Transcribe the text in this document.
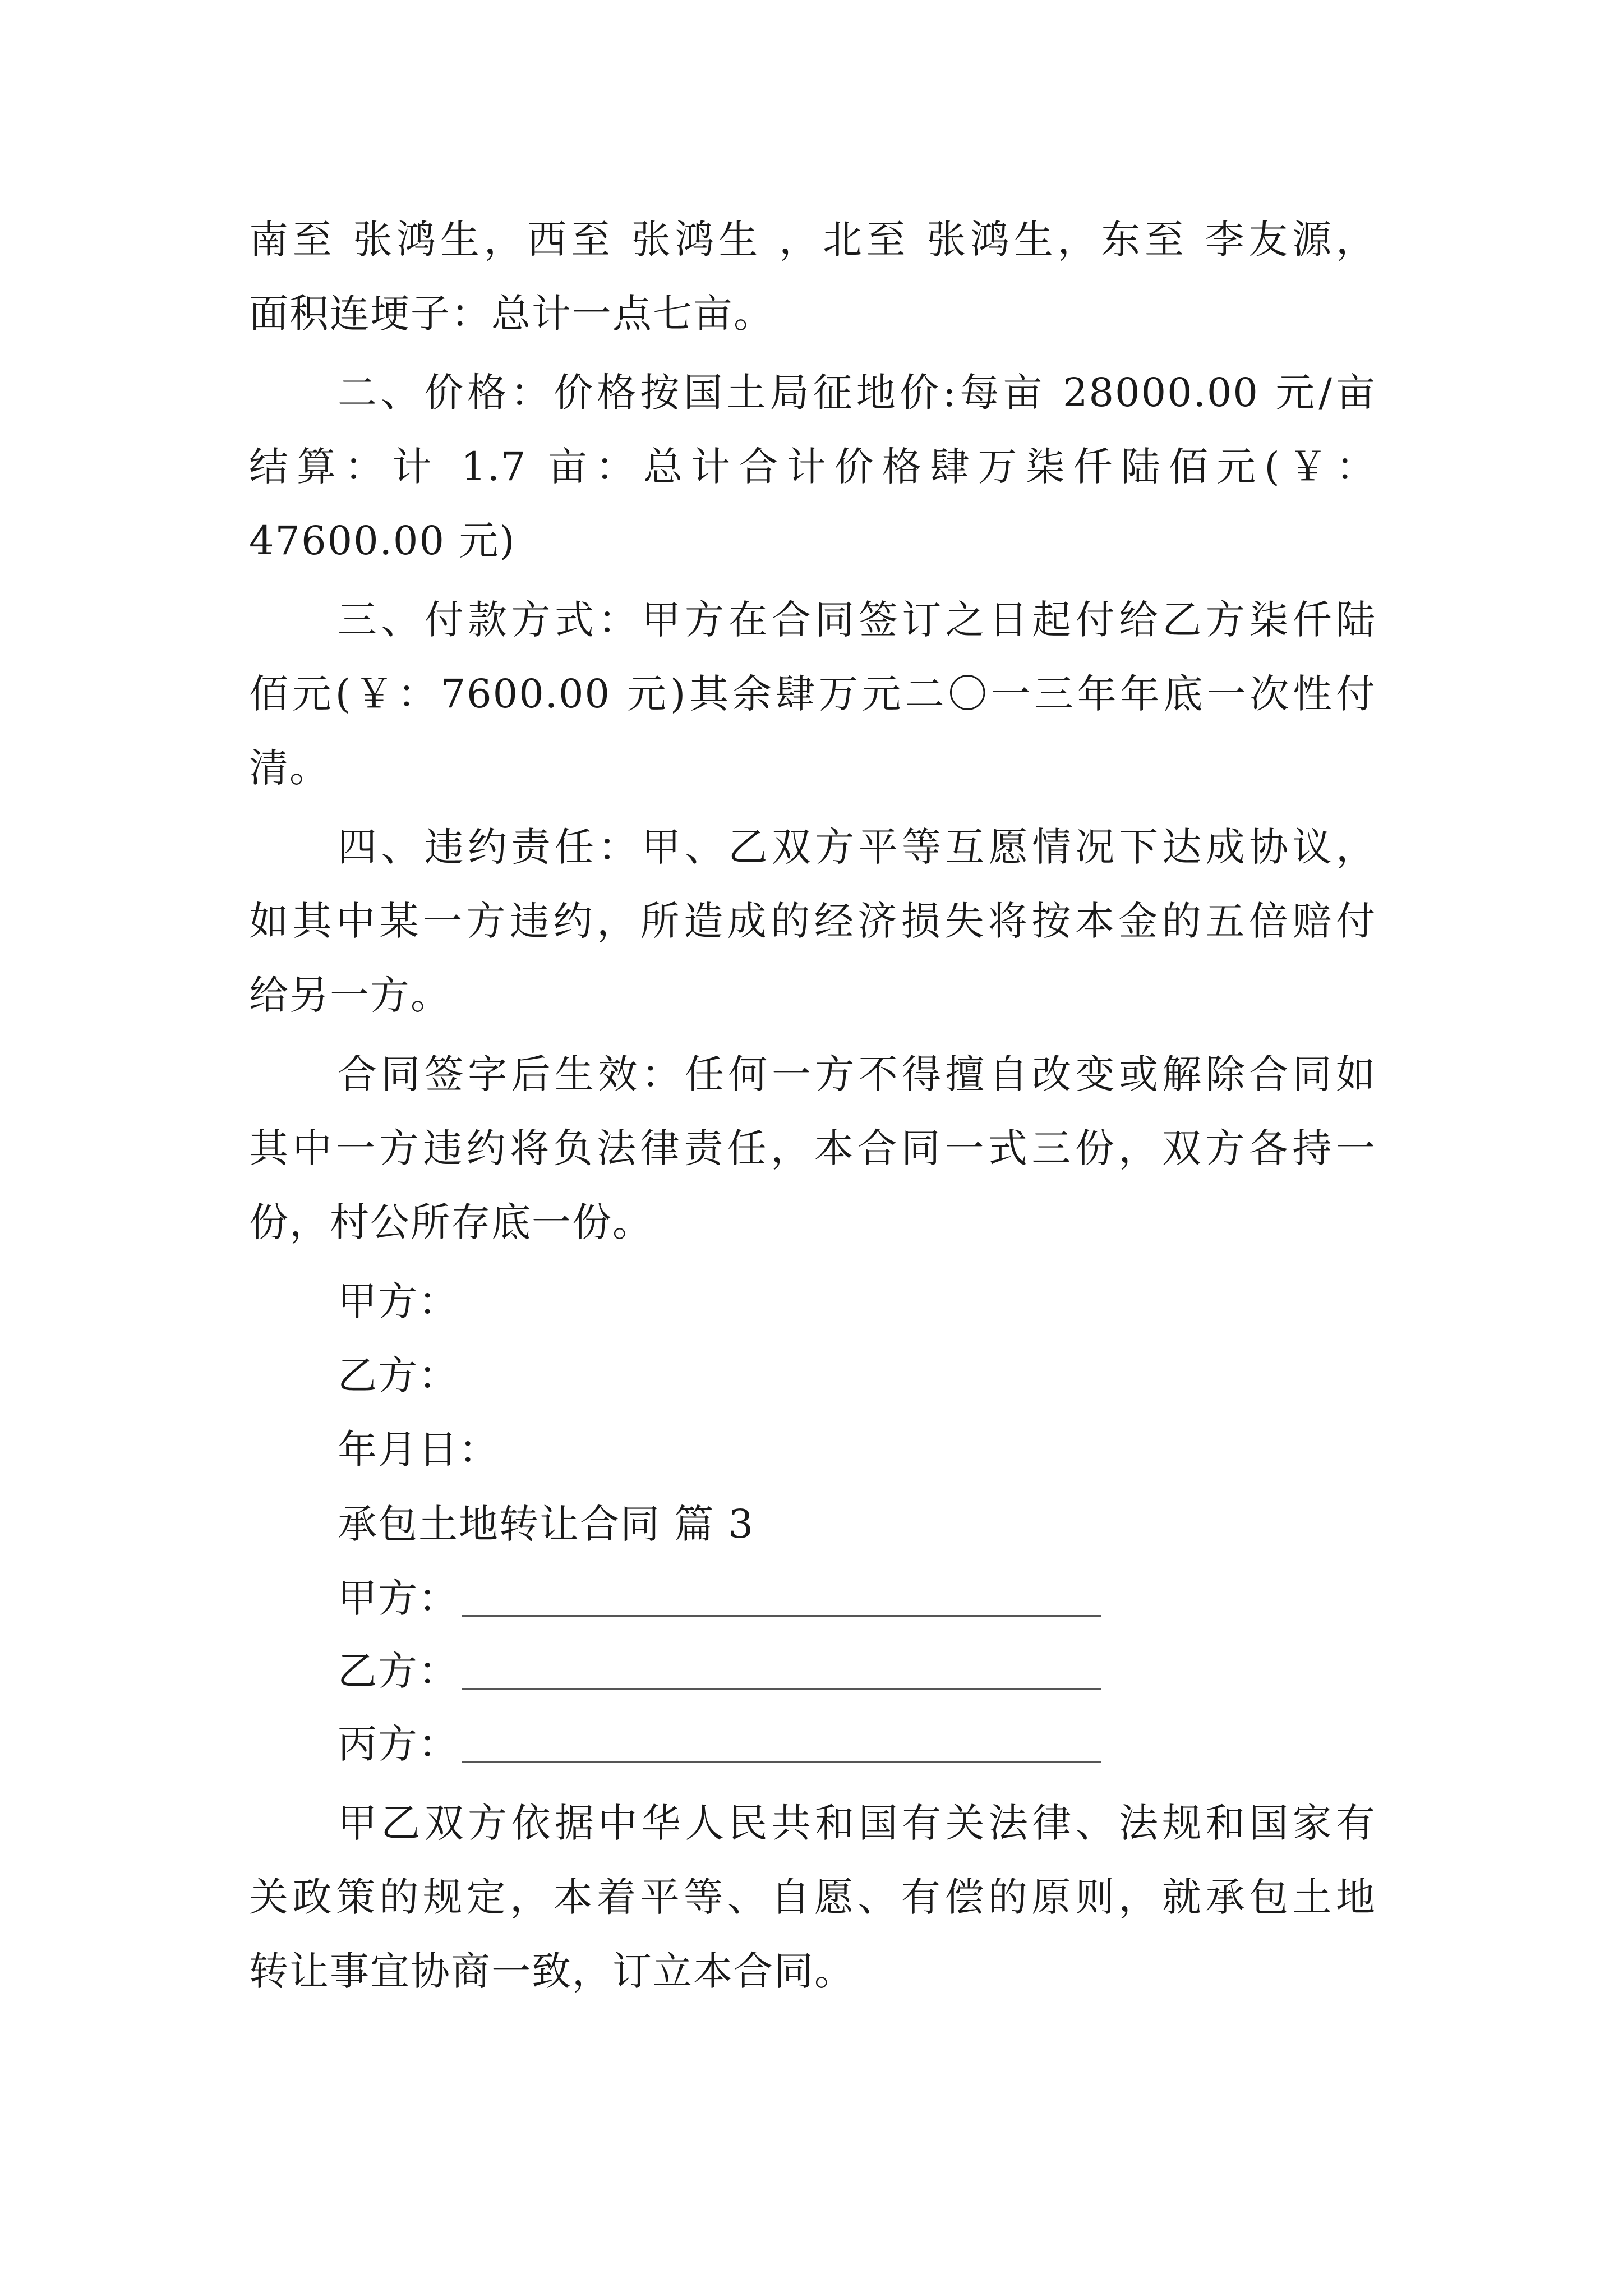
南至 张鸿生，西至 张鸿生 ，北至 张鸿生，东至 李友源，
面积连埂子：总计一点七亩。
二、价格：价格按国土局征地价:每亩 28000.00 元/亩
结算：计 1.7 亩：总计合计价格肆万柒仟陆佰元(￥：
47600.00 元)
三、付款方式：甲方在合同签订之日起付给乙方柒仟陆
佰元(￥：7600.00 元)其余肆万元二〇一三年年底一次性付
清。
四、违约责任：甲、乙双方平等互愿情况下达成协议，
如其中某一方违约，所造成的经济损失将按本金的五倍赔付
给另一方。
合同签字后生效：任何一方不得擅自改变或解除合同如
其中一方违约将负法律责任，本合同一式三份，双方各持一
份，村公所存底一份。
甲方：
乙方：
年月日：
承包土地转让合同 篇 3
甲方：
乙方：
丙方：
甲乙双方依据中华人民共和国有关法律、法规和国家有
关政策的规定，本着平等、自愿、有偿的原则，就承包土地
转让事宜协商一致，订立本合同。
